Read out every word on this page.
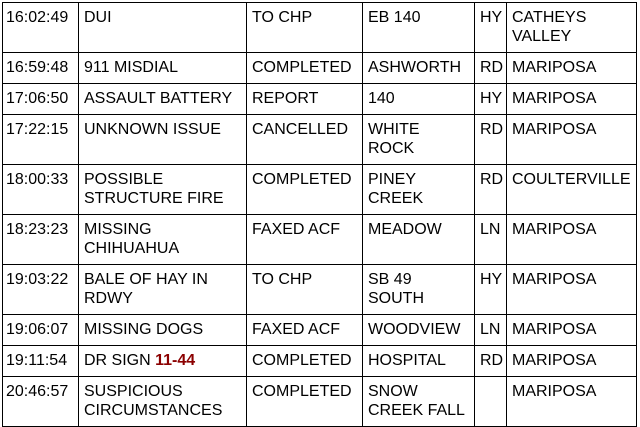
16:02:49	DUI	TO CHP	EB 140	HY	CATHEYS
VALLEY
16:59:48	911 MISDIAL	COMPLETED	ASHWORTH	RD	MARIPOSA
17:06:50	ASSAULT BATTERY	REPORT	140	HY	MARIPOSA
17:22:15	UNKNOWN ISSUE	CANCELLED	WHITE
ROCK	RD	MARIPOSA
18:00:33	POSSIBLE
STRUCTURE FIRE	COMPLETED	PINEY
CREEK	RD	COULTERVILLE
18:23:23	MISSING
CHIHUAHUA	FAXED ACF	MEADOW	LN	MARIPOSA
19:03:22	BALE OF HAY IN
RDWY	TO CHP	SB 49
SOUTH	HY	MARIPOSA
19:06:07	MISSING DOGS	FAXED ACF	WOODVIEW	LN	MARIPOSA
19:11:54	DR SIGN 11-44	COMPLETED	HOSPITAL	RD	MARIPOSA
20:46:57	SUSPICIOUS
CIRCUMSTANCES	COMPLETED	SNOW
CREEK FALL		MARIPOSA
